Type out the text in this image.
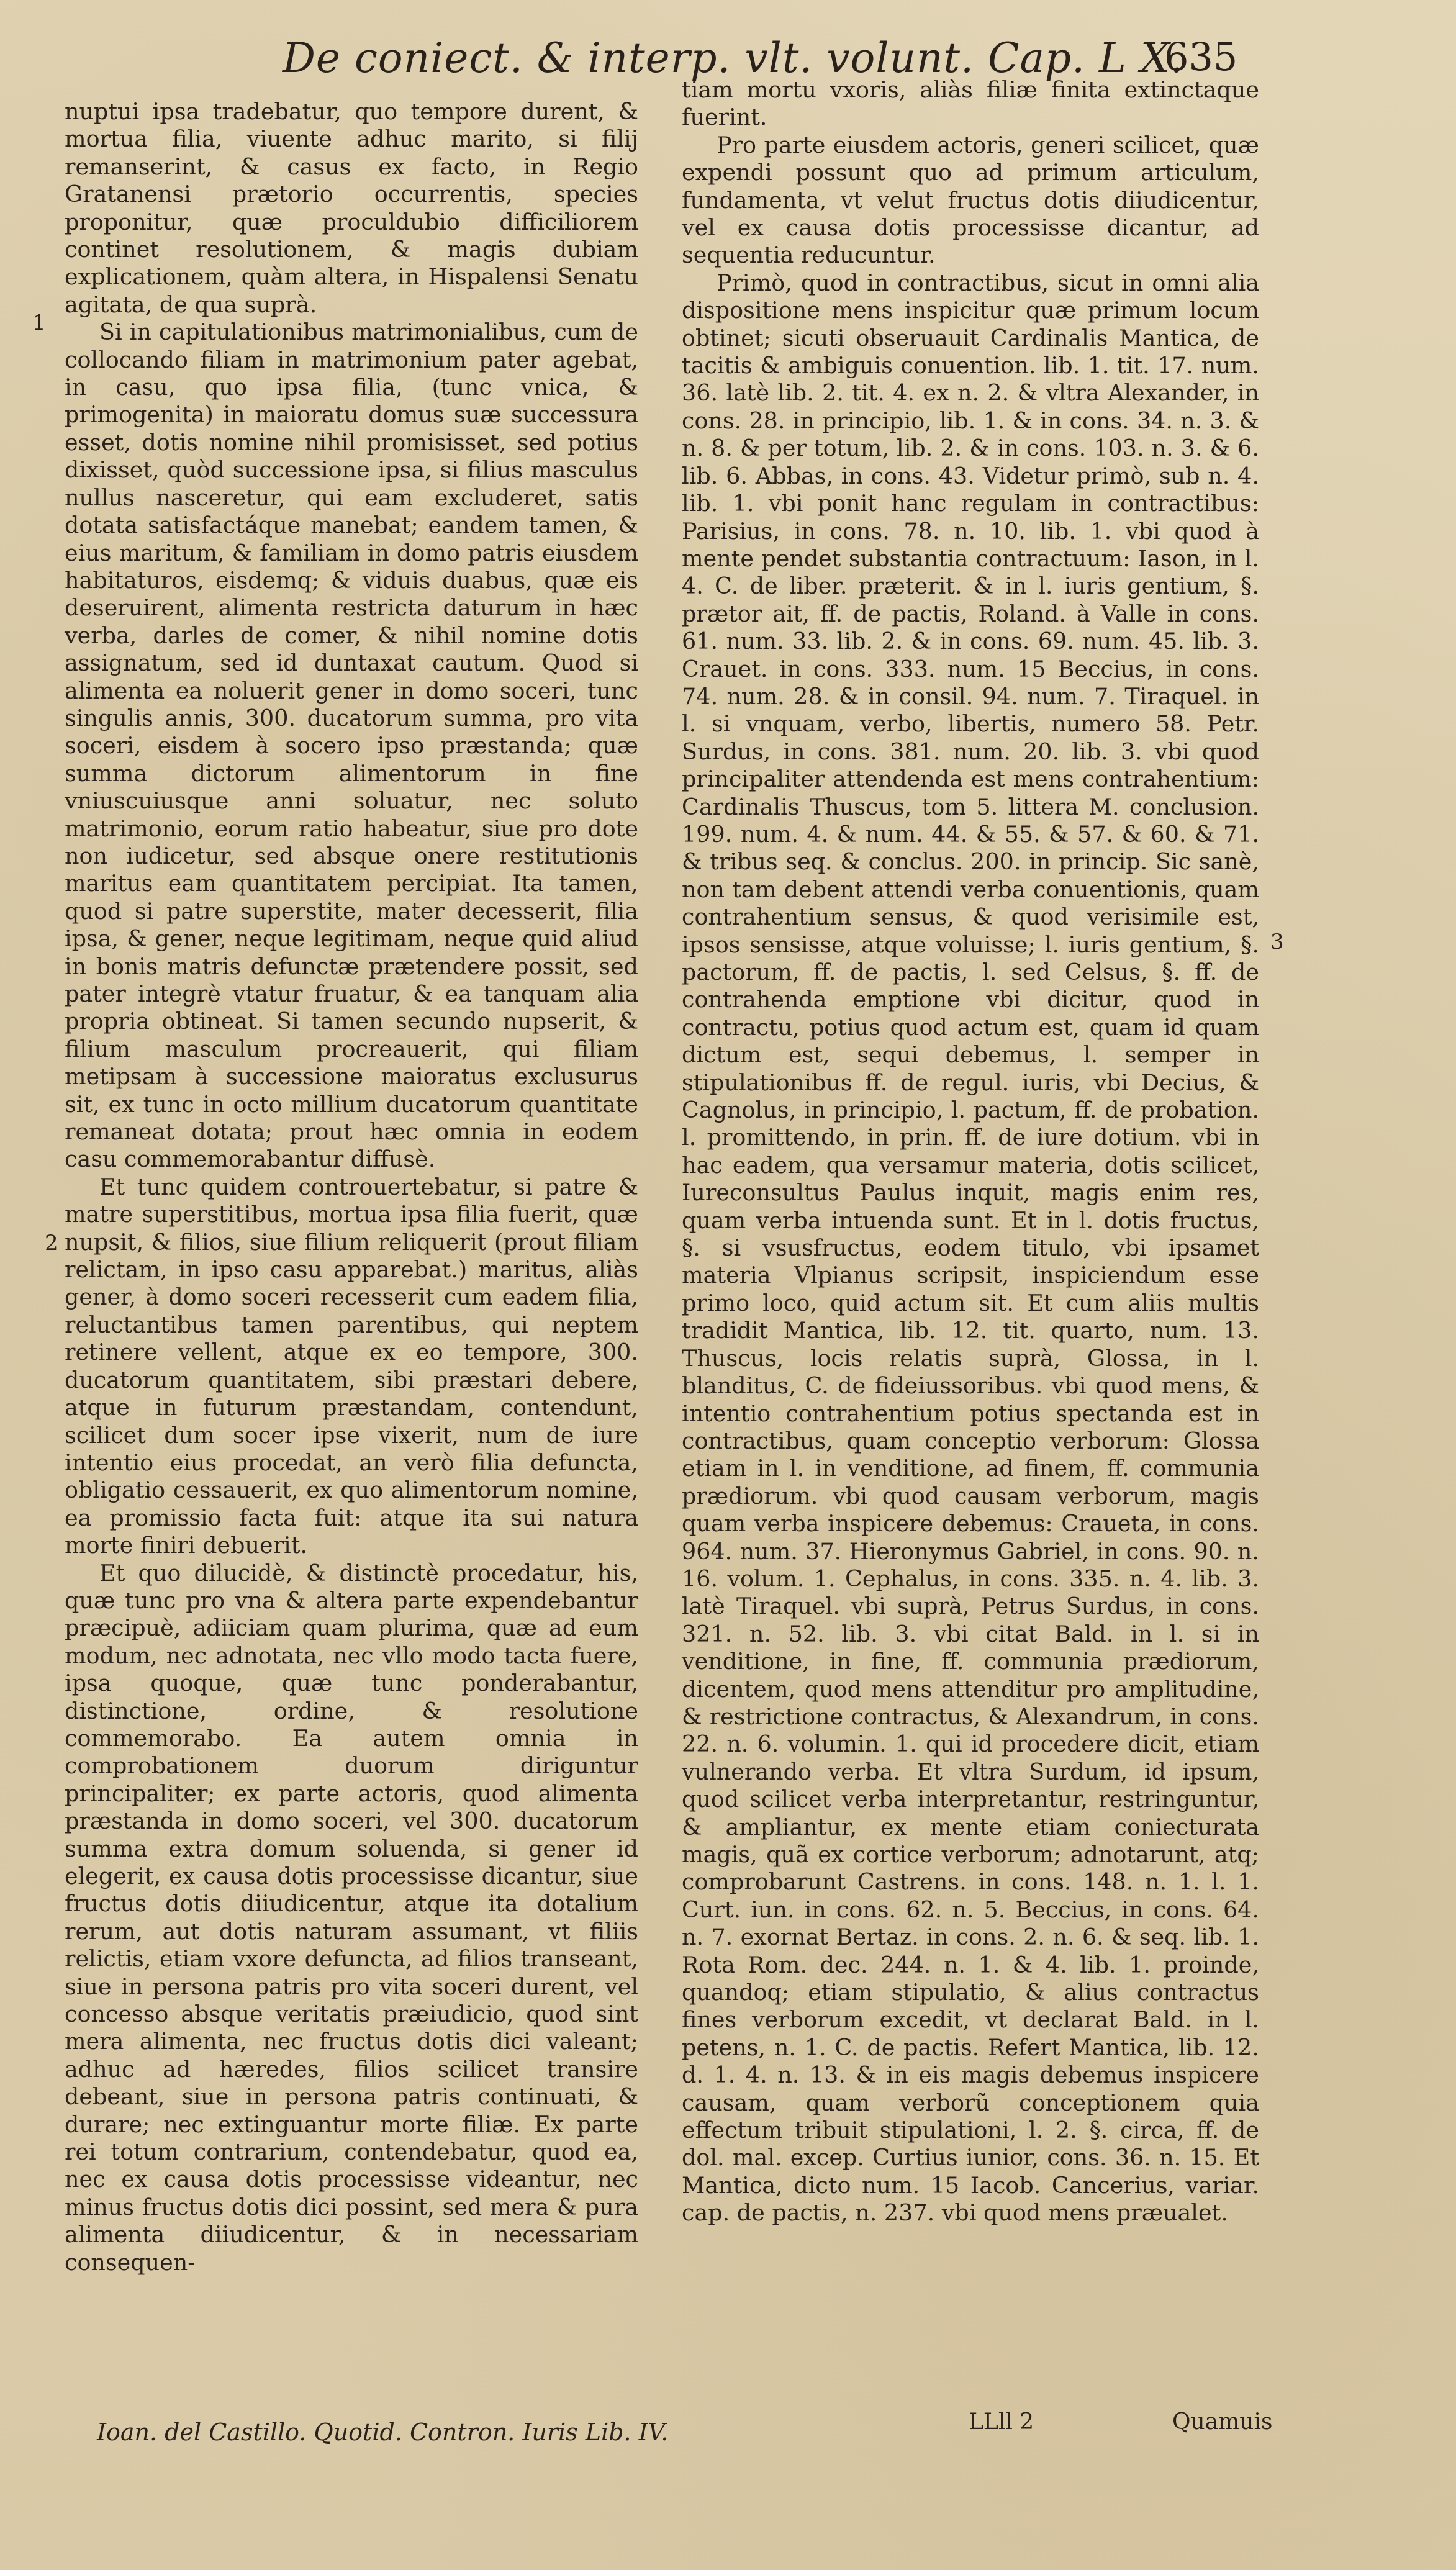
De coniect. & interp. vlt. volunt. Cap. L X.
635
1
2
3

nuptui ipsa tradebatur, quo tempore durent, & mortua filia, viuente adhuc marito, si filij remanserint, & casus ex facto, in Regio Gratanensi prætorio occurrentis, species proponitur, quæ proculdubio difficiliorem continet resolutionem, & magis dubiam explicationem, quàm altera, in Hispalensi Senatu agitata, de qua suprà.

Si in capitulationibus matrimonialibus, cum de collocando filiam in matrimonium pater agebat, in casu, quo ipsa filia, (tunc vnica, & primogenita) in maioratu domus suæ successura esset, dotis nomine nihil promisisset, sed potius dixisset, quòd successione ipsa, si filius masculus nullus nasceretur, qui eam excluderet, satis dotata satisfactáque manebat; eandem tamen, & eius maritum, & familiam in domo patris eiusdem habitaturos, eisdemq; & viduis duabus, quæ eis deseruirent, alimenta restricta daturum in hæc verba, darles de comer, & nihil nomine dotis assignatum, sed id duntaxat cautum. Quod si alimenta ea noluerit gener in domo soceri, tunc singulis annis, 300. ducatorum summa, pro vita soceri, eisdem à socero ipso præstanda; quæ summa dictorum alimentorum in fine vniuscuiusque anni soluatur, nec soluto matrimonio, eorum ratio habeatur, siue pro dote non iudicetur, sed absque onere restitutionis maritus eam quantitatem percipiat. Ita tamen, quod si patre superstite, mater decesserit, filia ipsa, & gener, neque legitimam, neque quid aliud in bonis matris defunctæ prætendere possit, sed pater integrè vtatur fruatur, & ea tanquam alia propria obtineat. Si tamen secundo nupserit, & filium masculum procreauerit, qui filiam metipsam à successione maioratus exclusurus sit, ex tunc in octo millium ducatorum quantitate remaneat dotata; prout hæc omnia in eodem casu commemorabantur diffusè.

Et tunc quidem controuertebatur, si patre & matre superstitibus, mortua ipsa filia fuerit, quæ nupsit, & filios, siue filium reliquerit (prout filiam relictam, in ipso casu apparebat.) maritus, aliàs gener, à domo soceri recesserit cum eadem filia, reluctantibus tamen parentibus, qui neptem retinere vellent, atque ex eo tempore, 300. ducatorum quantitatem, sibi præstari debere, atque in futurum præstandam, contendunt, scilicet dum socer ipse vixerit, num de iure intentio eius procedat, an verò filia defuncta, obligatio cessauerit, ex quo alimentorum nomine, ea promissio facta fuit: atque ita sui natura morte finiri debuerit.

Et quo dilucidè, & distinctè procedatur, his, quæ tunc pro vna & altera parte expendebantur præcipuè, adiiciam quam plurima, quæ ad eum modum, nec adnotata, nec vllo modo tacta fuere, ipsa quoque, quæ tunc ponderabantur, distinctione, ordine, & resolutione commemorabo. Ea autem omnia in comprobationem duorum diriguntur principaliter; ex parte actoris, quod alimenta præstanda in domo soceri, vel 300. ducatorum summa extra domum soluenda, si gener id elegerit, ex causa dotis processisse dicantur, siue fructus dotis diiudicentur, atque ita dotalium rerum, aut dotis naturam assumant, vt filiis relictis, etiam vxore defuncta, ad filios transeant, siue in persona patris pro vita soceri durent, vel concesso absque veritatis præiudicio, quod sint mera alimenta, nec fructus dotis dici valeant; adhuc ad hæredes, filios scilicet transire debeant, siue in persona patris continuati, & durare; nec extinguantur morte filiæ. Ex parte rei totum contrarium, contendebatur, quod ea, nec ex causa dotis processisse videantur, nec minus fructus dotis dici possint, sed mera & pura alimenta diiudicentur, & in necessariam consequen-

Ioan. del Castillo. Quotid. Contron. Iuris Lib. IV.

tiam mortu vxoris, aliàs filiæ finita extinctaque fuerint.

Pro parte eiusdem actoris, generi scilicet, quæ expendi possunt quo ad primum articulum, fundamenta, vt velut fructus dotis diiudicentur, vel ex causa dotis processisse dicantur, ad sequentia reducuntur.

Primò, quod in contractibus, sicut in omni alia dispositione mens inspicitur quæ primum locum obtinet; sicuti obseruauit Cardinalis Mantica, de tacitis & ambiguis conuention. lib. 1. tit. 17. num. 36. latè lib. 2. tit. 4. ex n. 2. & vltra Alexander, in cons. 28. in principio, lib. 1. & in cons. 34. n. 3. & n. 8. & per totum, lib. 2. & in cons. 103. n. 3. & 6. lib. 6. Abbas, in cons. 43. Videtur primò, sub n. 4. lib. 1. vbi ponit hanc regulam in contractibus: Parisius, in cons. 78. n. 10. lib. 1. vbi quod à mente pendet substantia contractuum: Iason, in l. 4. C. de liber. præterit. & in l. iuris gentium, §. prætor ait, ff. de pactis, Roland. à Valle in cons. 61. num. 33. lib. 2. & in cons. 69. num. 45. lib. 3. Crauet. in cons. 333. num. 15 Beccius, in cons. 74. num. 28. & in consil. 94. num. 7. Tiraquel. in l. si vnquam, verbo, libertis, numero 58. Petr. Surdus, in cons. 381. num. 20. lib. 3. vbi quod principaliter attendenda est mens contrahentium: Cardinalis Thuscus, tom 5. littera M. conclusion. 199. num. 4. & num. 44. & 55. & 57. & 60. & 71. & tribus seq. & conclus. 200. in princip. Sic sanè, non tam debent attendi verba conuentionis, quam contrahentium sensus, & quod verisimile est, ipsos sensisse, atque voluisse; l. iuris gentium, §. pactorum, ff. de pactis, l. sed Celsus, §. ff. de contrahenda emptione vbi dicitur, quod in contractu, potius quod actum est, quam id quam dictum est, sequi debemus, l. semper in stipulationibus ff. de regul. iuris, vbi Decius, & Cagnolus, in principio, l. pactum, ff. de probation. l. promittendo, in prin. ff. de iure dotium. vbi in hac eadem, qua versamur materia, dotis scilicet, Iureconsultus Paulus inquit, magis enim res, quam verba intuenda sunt. Et in l. dotis fructus, §. si vsusfructus, eodem titulo, vbi ipsamet materia Vlpianus scripsit, inspiciendum esse primo loco, quid actum sit. Et cum aliis multis tradidit Mantica, lib. 12. tit. quarto, num. 13. Thuscus, locis relatis suprà, Glossa, in l. blanditus, C. de fideiussoribus. vbi quod mens, & intentio contrahentium potius spectanda est in contractibus, quam conceptio verborum: Glossa etiam in l. in venditione, ad finem, ff. communia prædiorum. vbi quod causam verborum, magis quam verba inspicere debemus: Craueta, in cons. 964. num. 37. Hieronymus Gabriel, in cons. 90. n. 16. volum. 1. Cephalus, in cons. 335. n. 4. lib. 3. latè Tiraquel. vbi suprà, Petrus Surdus, in cons. 321. n. 52. lib. 3. vbi citat Bald. in l. si in venditione, in fine, ff. communia prædiorum, dicentem, quod mens attenditur pro amplitudine, & restrictione contractus, & Alexandrum, in cons. 22. n. 6. volumin. 1. qui id procedere dicit, etiam vulnerando verba. Et vltra Surdum, id ipsum, quod scilicet verba interpretantur, restringuntur, & ampliantur, ex mente etiam coniecturata magis, quã ex cortice verborum; adnotarunt, atq; comprobarunt Castrens. in cons. 148. n. 1. l. 1. Curt. iun. in cons. 62. n. 5. Beccius, in cons. 64. n. 7. exornat Bertaz. in cons. 2. n. 6. & seq. lib. 1. Rota Rom. dec. 244. n. 1. & 4. lib. 1. proinde, quandoq; etiam stipulatio, & alius contractus fines verborum excedit, vt declarat Bald. in l. petens, n. 1. C. de pactis. Refert Mantica, lib. 12. d. 1. 4. n. 13. & in eis magis debemus inspicere causam, quam verborũ conceptionem quia effectum tribuit stipulationi, l. 2. §. circa, ff. de dol. mal. excep. Curtius iunior, cons. 36. n. 15. Et Mantica, dicto num. 15 Iacob. Cancerius, variar. cap. de pactis, n. 237. vbi quod mens præualet.

LLll 2	Quamuis
